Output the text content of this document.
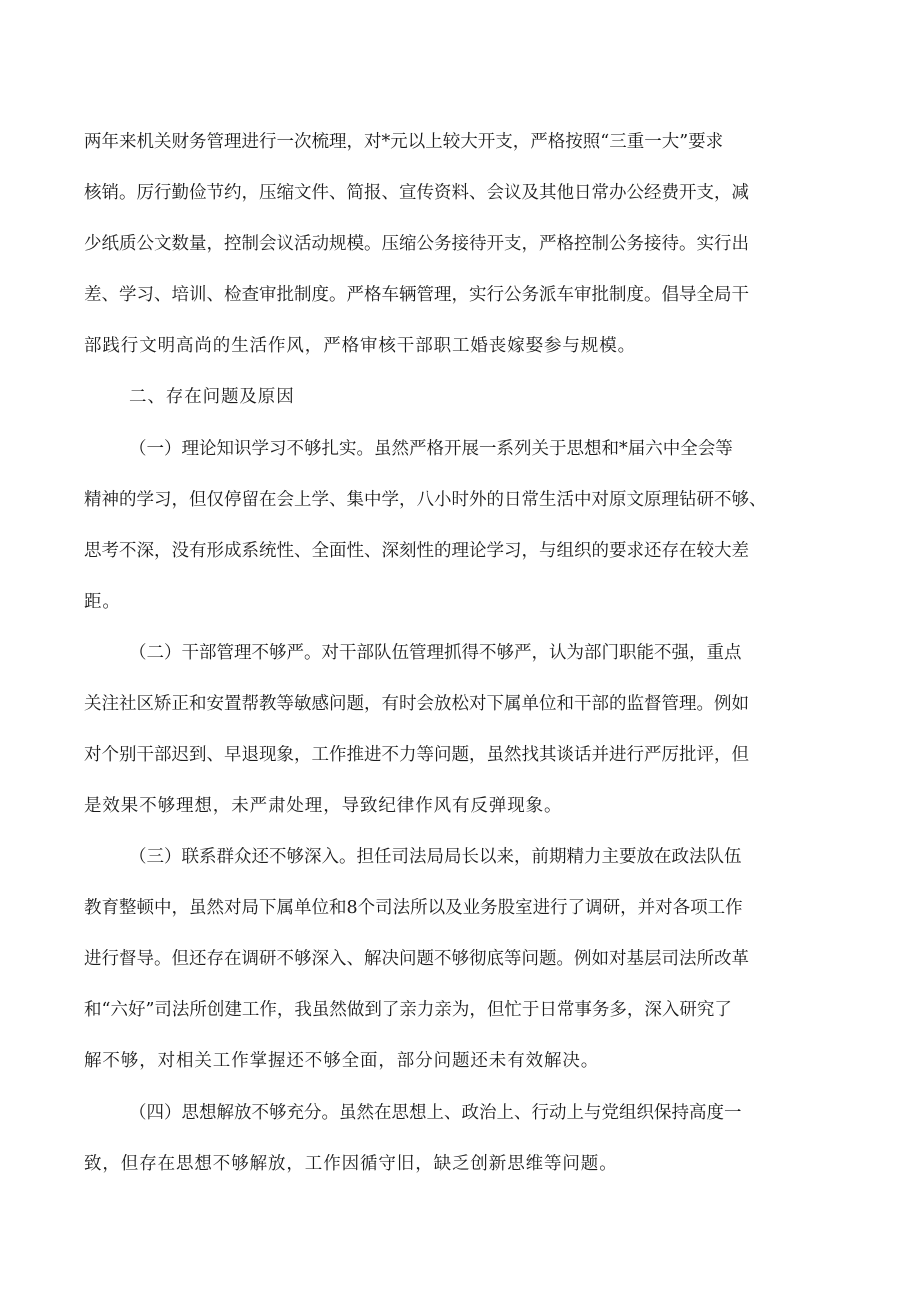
两年来机关财务管理进行一次梳理，对*元以上较大开支，严格按照“三重一大”要求
核销。厉行勤俭节约，压缩文件、简报、宣传资料、会议及其他日常办公经费开支，减
少纸质公文数量，控制会议活动规模。压缩公务接待开支，严格控制公务接待。实行出
差、学习、培训、检查审批制度。严格车辆管理，实行公务派车审批制度。倡导全局干
部践行文明高尚的生活作风，严格审核干部职工婚丧嫁娶参与规模。
二、存在问题及原因
（一）理论知识学习不够扎实。虽然严格开展一系列关于思想和*届六中全会等
精神的学习，但仅停留在会上学、集中学，八小时外的日常生活中对原文原理钻研不够、
思考不深，没有形成系统性、全面性、深刻性的理论学习，与组织的要求还存在较大差
距。
（二）干部管理不够严。对干部队伍管理抓得不够严，认为部门职能不强，重点
关注社区矫正和安置帮教等敏感问题，有时会放松对下属单位和干部的监督管理。例如
对个别干部迟到、早退现象，工作推进不力等问题，虽然找其谈话并进行严厉批评，但
是效果不够理想，未严肃处理，导致纪律作风有反弹现象。
（三）联系群众还不够深入。担任司法局局长以来，前期精力主要放在政法队伍
教育整顿中，虽然对局下属单位和8个司法所以及业务股室进行了调研，并对各项工作
进行督导。但还存在调研不够深入、解决问题不够彻底等问题。例如对基层司法所改革
和“六好”司法所创建工作，我虽然做到了亲力亲为，但忙于日常事务多，深入研究了
解不够，对相关工作掌握还不够全面，部分问题还未有效解决。
（四）思想解放不够充分。虽然在思想上、政治上、行动上与党组织保持高度一
致，但存在思想不够解放，工作因循守旧，缺乏创新思维等问题。
